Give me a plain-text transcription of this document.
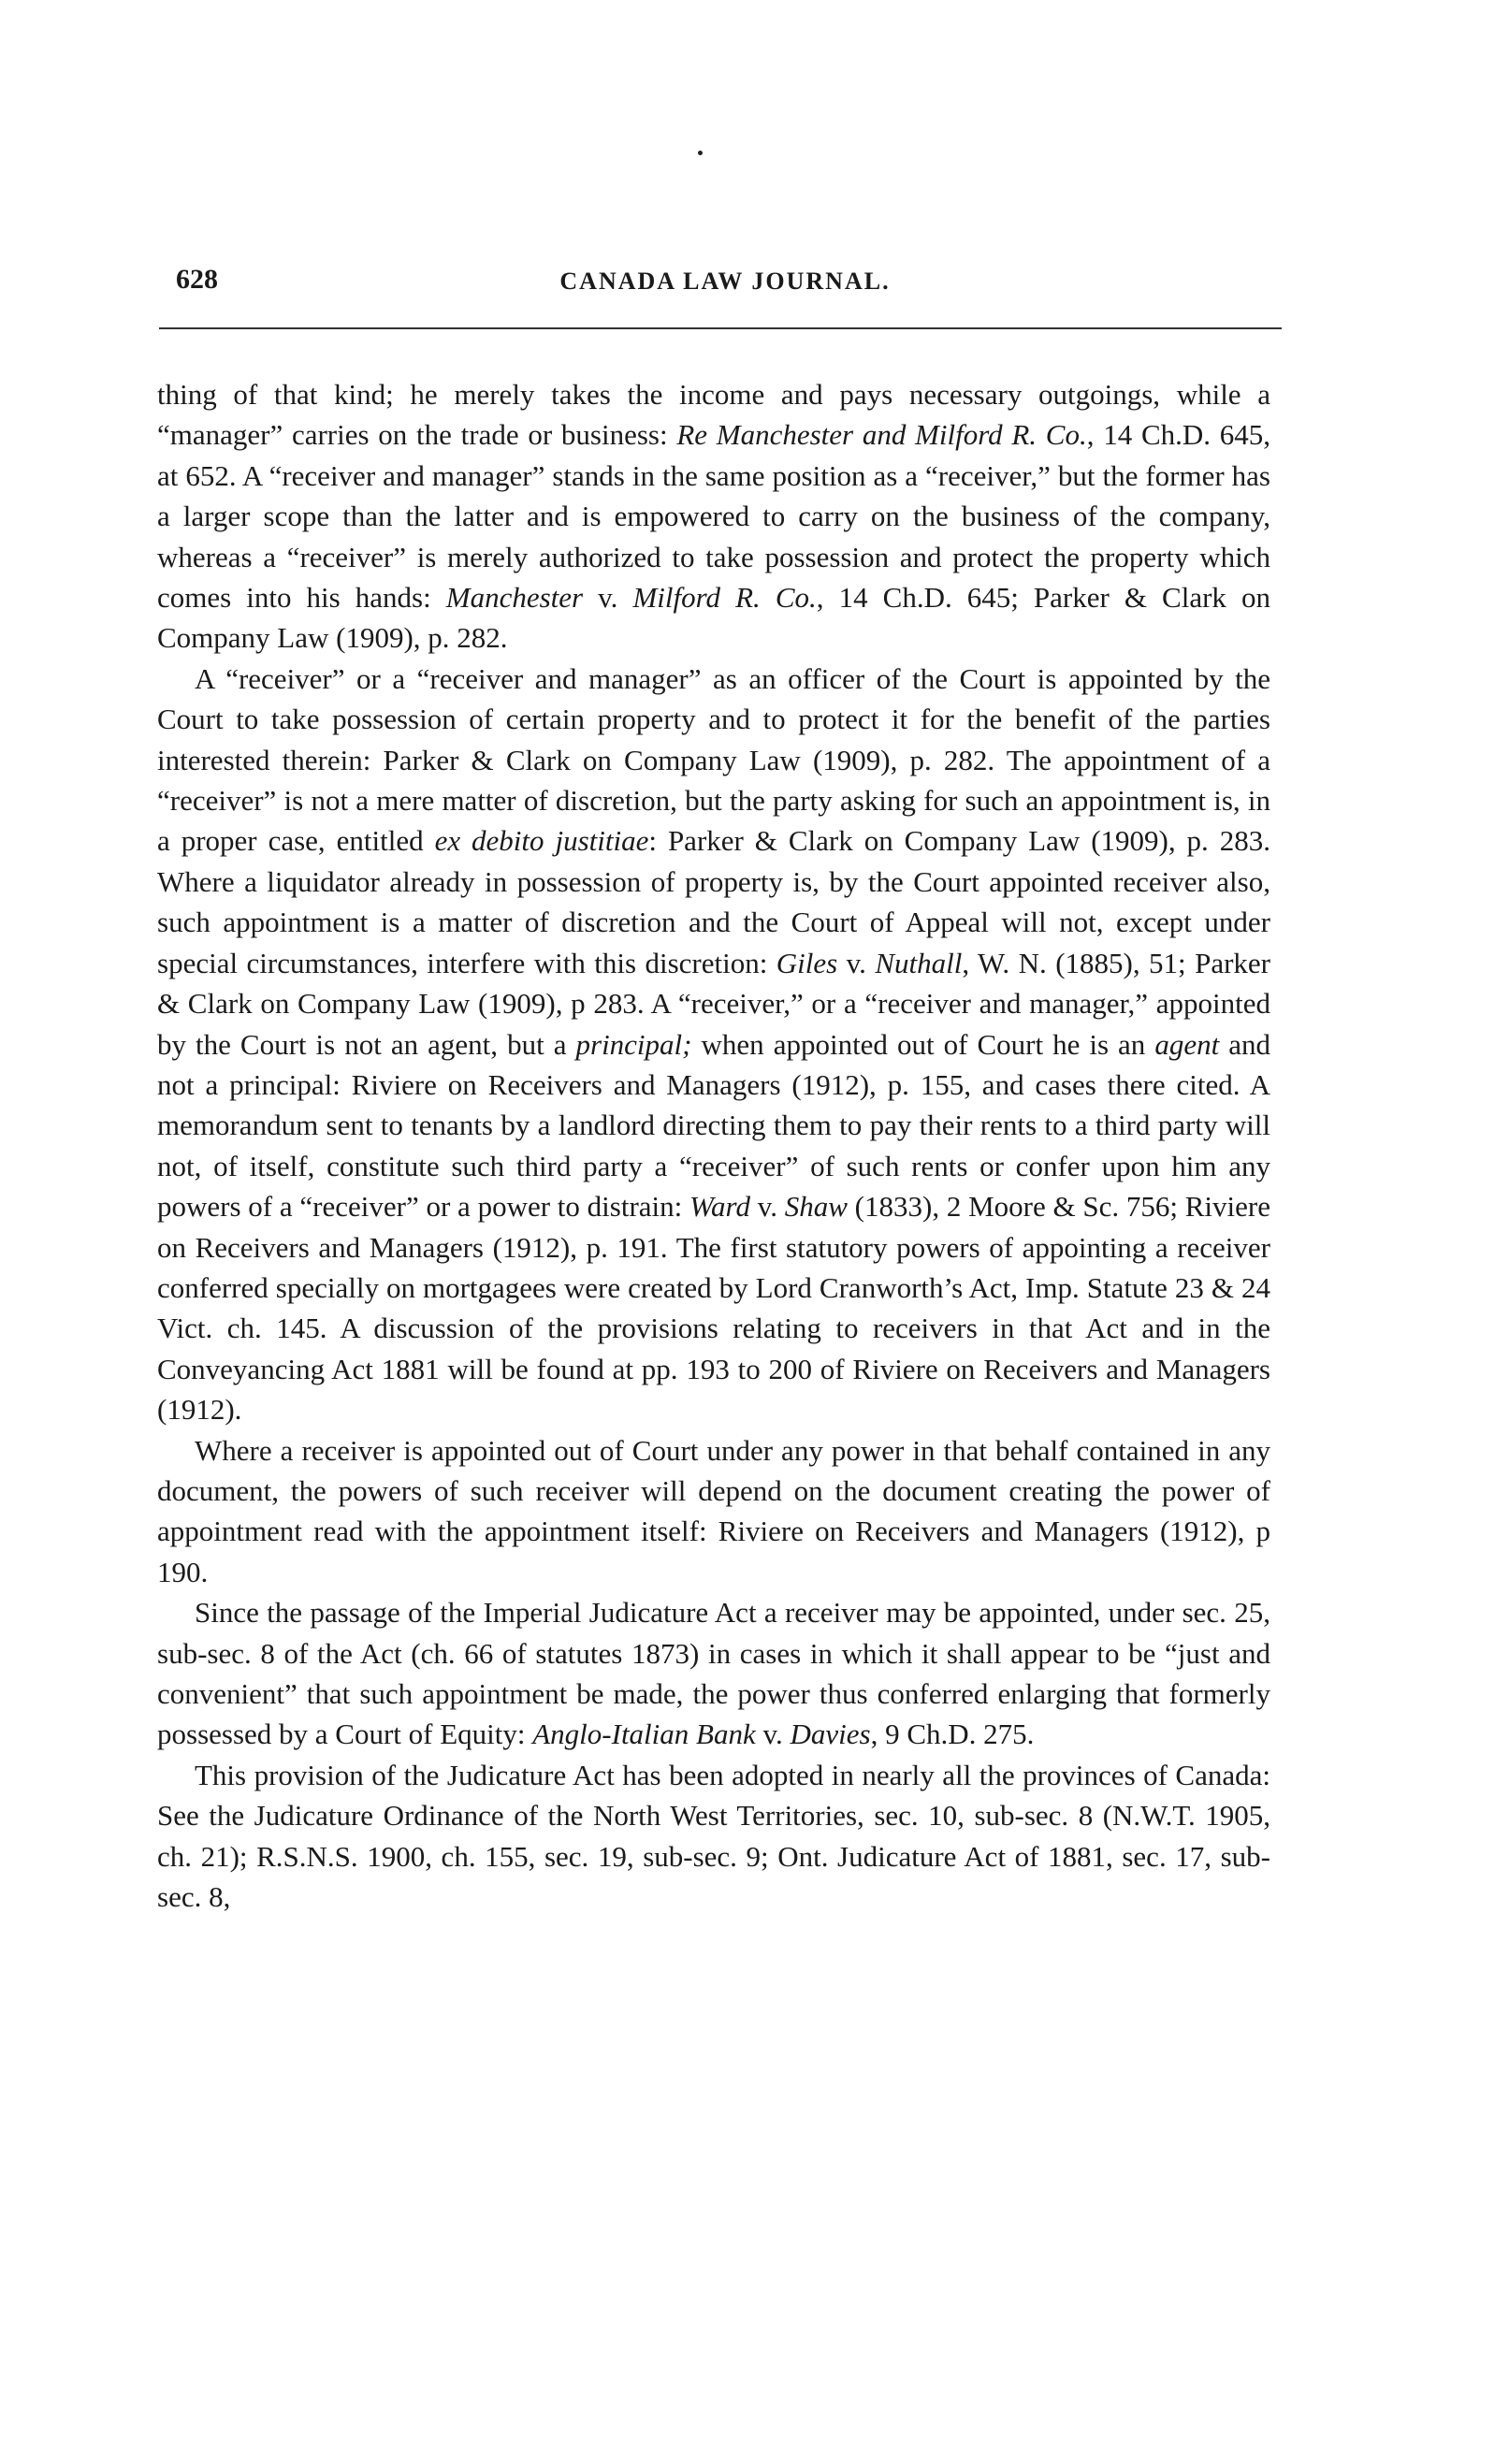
628	CANADA LAW JOURNAL.

thing of that kind; he merely takes the income and pays necessary outgoings, while a “manager” carries on the trade or business: Re Manchester and Milford R. Co., 14 Ch.D. 645, at 652. A “receiver and manager” stands in the same position as a “receiver,” but the former has a larger scope than the latter and is empowered to carry on the business of the company, whereas a “receiver” is merely authorized to take possession and protect the property which comes into his hands: Manchester v. Milford R. Co., 14 Ch.D. 645; Parker & Clark on Company Law (1909), p. 282.

A “receiver” or a “receiver and manager” as an officer of the Court is appointed by the Court to take possession of certain property and to protect it for the benefit of the parties interested therein: Parker & Clark on Company Law (1909), p. 282. The appointment of a “receiver” is not a mere matter of discretion, but the party asking for such an appointment is, in a proper case, entitled ex debito justitiae: Parker & Clark on Company Law (1909), p. 283. Where a liquidator already in possession of property is, by the Court appointed receiver also, such appointment is a matter of discretion and the Court of Appeal will not, except under special circumstances, interfere with this discretion: Giles v. Nuthall, W. N. (1885), 51; Parker & Clark on Company Law (1909), p 283. A “receiver,” or a “receiver and manager,” appointed by the Court is not an agent, but a principal; when appointed out of Court he is an agent and not a principal: Riviere on Receivers and Managers (1912), p. 155, and cases there cited. A memorandum sent to tenants by a landlord directing them to pay their rents to a third party will not, of itself, constitute such third party a “receiver” of such rents or confer upon him any powers of a “receiver” or a power to distrain: Ward v. Shaw (1833), 2 Moore & Sc. 756; Riviere on Receivers and Managers (1912), p. 191. The first statutory powers of appointing a receiver conferred specially on mortgagees were created by Lord Cranworth’s Act, Imp. Statute 23 & 24 Vict. ch. 145. A discussion of the provisions relating to receivers in that Act and in the Conveyancing Act 1881 will be found at pp. 193 to 200 of Riviere on Receivers and Managers (1912).

Where a receiver is appointed out of Court under any power in that behalf contained in any document, the powers of such receiver will depend on the document creating the power of appointment read with the appointment itself: Riviere on Receivers and Managers (1912), p 190.

Since the passage of the Imperial Judicature Act a receiver may be appointed, under sec. 25, sub-sec. 8 of the Act (ch. 66 of statutes 1873) in cases in which it shall appear to be “just and convenient” that such appointment be made, the power thus conferred enlarging that formerly possessed by a Court of Equity: Anglo-Italian Bank v. Davies, 9 Ch.D. 275.

This provision of the Judicature Act has been adopted in nearly all the provinces of Canada: See the Judicature Ordinance of the North West Territories, sec. 10, sub-sec. 8 (N.W.T. 1905, ch. 21); R.S.N.S. 1900, ch. 155, sec. 19, sub-sec. 9; Ont. Judicature Act of 1881, sec. 17, sub-sec. 8,
